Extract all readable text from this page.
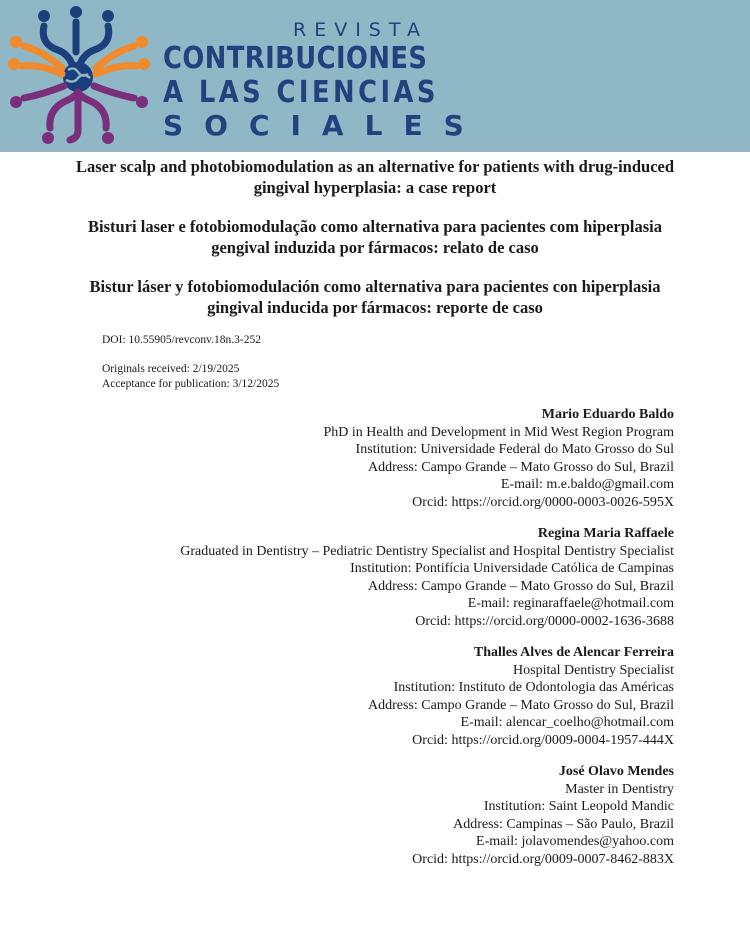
REVISTA
CONTRIBUCIONES
A LAS CIENCIAS
SOCIALES

Laser scalp and photobiomodulation as an alternative for patients with drug-induced gingival hyperplasia: a case report

Bisturi laser e fotobiomodulação como alternativa para pacientes com hiperplasia gengival induzida por fármacos: relato de caso

Bistur láser y fotobiomodulación como alternativa para pacientes con hiperplasia gingival inducida por fármacos: reporte de caso

DOI: 10.55905/revconv.18n.3-252

Originals received: 2/19/2025

Acceptance for publication: 3/12/2025

Mario Eduardo Baldo
PhD in Health and Development in Mid West Region Program
Institution: Universidade Federal do Mato Grosso do Sul
Address: Campo Grande – Mato Grosso do Sul, Brazil
E-mail: m.e.baldo@gmail.com
Orcid: https://orcid.org/0000-0003-0026-595X
Regina Maria Raffaele
Graduated in Dentistry – Pediatric Dentistry Specialist and Hospital Dentistry Specialist
Institution: Pontifícia Universidade Católica de Campinas
Address: Campo Grande – Mato Grosso do Sul, Brazil
E-mail: reginaraffaele@hotmail.com
Orcid: https://orcid.org/0000-0002-1636-3688
Thalles Alves de Alencar Ferreira
Hospital Dentistry Specialist
Institution: Instituto de Odontologia das Américas
Address: Campo Grande – Mato Grosso do Sul, Brazil
E-mail: alencar_coelho@hotmail.com
Orcid: https://orcid.org/0009-0004-1957-444X
José Olavo Mendes
Master in Dentistry
Institution: Saint Leopold Mandic
Address: Campinas – São Paulo, Brazil
E-mail: jolavomendes@yahoo.com
Orcid: https://orcid.org/0009-0007-8462-883X
